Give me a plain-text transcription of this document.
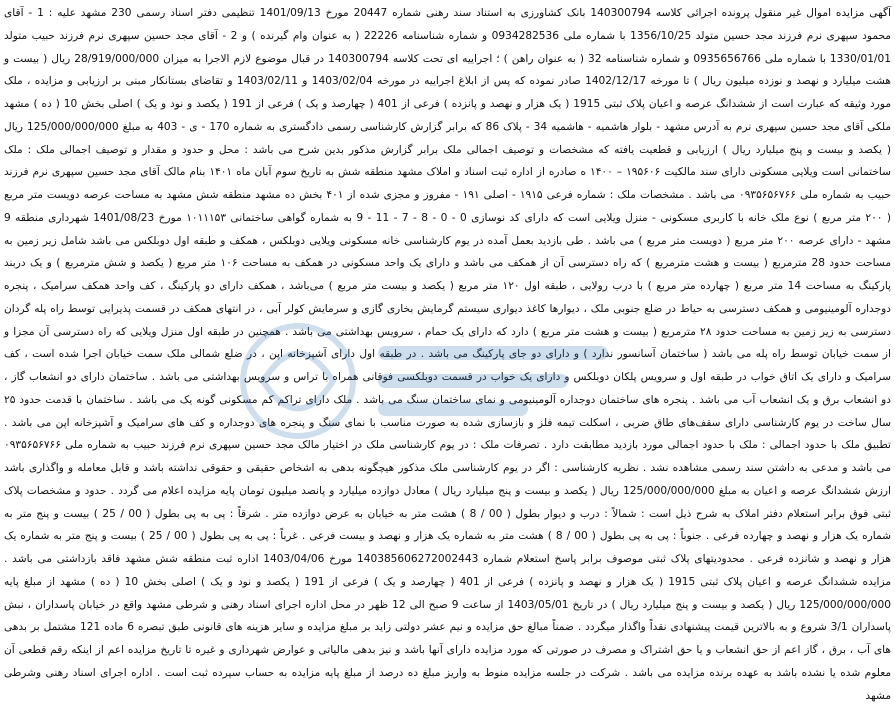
آگهی مزایده اموال غیر منقول پرونده اجرائی کلاسه 140300794 بانک کشاورزی به استناد سند رهنی شماره 20447 مورخ 1401/09/13 تنظیمی دفتر اسناد رسمی 230 مشهد علیه : 1 - آقای محمود سپهری نرم فرزند مجد حسین متولد 1356/10/25 با شماره ملی 0934282536 و شماره شناسنامه 22226 ( به عنوان وام گیرنده ) و 2 - آقای مجد حسین سپهری نرم فرزند حبیب متولد 1330/01/01 با شماره ملی 0935656766 و شماره شناسنامه 32 ( به عنوان راهن ) ؛ اجراییه ای تحت کلاسه 140300794 در قبال موضوع لازم الاجرا به میزان 28/919/000/000 ریال ( بیست و هشت میلیارد و نهصد و نوزده میلیون ریال ) تا مورخه 1402/12/17 صادر نموده که پس از ابلاغ اجراییه در مورخه 1403/02/04 و 1403/02/11 و تقاضای بستانکار مبنی بر ارزیابی و مزایده ، ملک مورد وثیقه که عبارت است از ششدانگ عرصه و اعیان پلاک ثبتی 1915 ( یک هزار و نهصد و پانزده ) فرعی از 401 ( چهارصد و یک ) فرعی از 191 ( یکصد و نود و یک ) اصلی بخش 10 ( ده ) مشهد ملکی آقای مجد حسین سپهری نرم به آدرس مشهد - بلوار هاشمیه - هاشمیه 34 - پلاک 86 که برابر گزارش کارشناسی رسمی دادگستری به شماره 170 - ی - 403 به مبلغ 125/000/000/000 ریال ( یکصد و بیست و پنج میلیارد ریال ) ارزیابی و قطعیت یافته که مشخصات و توصیف اجمالی ملک برابر گزارش مذکور بدین شرح می باشد : محل و حدود و مقدار و توصیف اجمالی ملک : ملک ساختمانی است ویلایی مسکونی دارای سند مالکیت ۱۹۵۶۰۶ – ۱۴۰۰ ه صادره از اداره ثبت اسناد و املاک مشهد منطقه شش به تاریخ سوم آبان ماه ۱۴۰۱ بنام مالک آقای مجد حسین سپهری نرم فرزند حبیب به شماره ملی ۰۹۳۵۶۵۶۷۶۶ می باشد . مشخصات ملک : شماره فرعی ۱۹۱۵ - اصلی ۱۹۱ - مفروز و مجزی شده از ۴۰۱ بخش ده مشهد منطقه شش مشهد به مساحت عرصه دویست متر مربع ( ۲۰۰ متر مربع ) نوع ملک خانه با کاربری مسکونی - منزل ویلایی است که دارای کد نوسازی 0 - 0 - 8 - 7 - 11 - 9 به شماره گواهی ساختمانی ۱۰۱۱۱۵۳ مورخ 1401/08/23 شهرداری منطقه 9 مشهد - دارای عرصه ۲۰۰ متر مربع ( دویست متر مربع ) می باشد . طی بازدید بعمل آمده در یوم کارشناسی خانه مسکونی ویلایی دوبلکس ، همکف و طبقه اول دوبلکس می باشد شامل زیر زمین به مساحت حدود 28 مترمربع ( بیست و هشت مترمربع ) که راه دسترسی آن از همکف می باشد و دارای یک واحد مسکونی در همکف به مساحت ۱۰۶ متر مربع ( یکصد و شش مترمربع ) و یک دربند پارکینگ به مساحت 14 متر مربع ( چهارده متر مربع ) با درب رولایی ، طبقه اول ۱۲۰ متر مربع ( یکصد و بیست متر مربع ) می‌باشد ، همکف دارای دو پارکینگ ، کف واحد همکف سرامیک ، پنجره دوجداره آلومینیومی و همکف دسترسی به حیاط در ضلع جنوبی ملک ، دیوارها کاغذ دیواری سیستم گرمایش بخاری گازی و سرمایش کولر آبی ، در انتهای همکف در قسمت پذیرایی توسط راه پله گردان دسترسی به زیر زمین به مساحت حدود ۲۸ مترمربع ( بیست و هشت متر مربع ) دارد که دارای یک حمام ، سرویس بهداشتی می باشد . همچنین در طبقه اول منزل ویلایی که راه دسترسی آن مجزا و از سمت خیابان توسط راه پله می باشد ( ساختمان آسانسور ندارد ) و دارای دو جای پارکینگ می باشد . در طبقه اول دارای آشپزخانه اپن ، در ضلع شمالی ملک سمت خیابان اجرا شده است ، کف سرامیک و دارای یک اتاق خواب در طبقه اول و سرویس پلکان دوبلکس و دارای یک خواب در قسمت دوبلکسی فوقانی همراه با تراس و سرویس بهداشتی می باشد . ساختمان دارای دو انشعاب گاز ، دو انشعاب برق و یک انشعاب آب می باشد . پنجره های ساختمان دوجداره آلومینیومی و نمای ساختمان سنگ می باشد . ملک دارای تراکم کم مسکونی گونه یک می باشد . ساختمان با قدمت حدود ۲۵ سال ساخت در یوم کارشناسی دارای سقف‌های طاق ضربی ، اسکلت تیمه فلز و بازسازی شده به صورت مناسب با نمای سنگ و پنجره های دوجداره و کف های سرامیک و آشپزخانه اپن می باشد . تطبیق ملک با حدود اجمالی : ملک با حدود اجمالی مورد بازدید مطابقت دارد . تصرفات ملک : در یوم کارشناسی ملک در اختیار مالک مجد حسین سپهری نرم فرزند حبیب به شماره ملی ۰۹۳۵۶۵۶۷۶۶ می باشد و مدعی به داشتن سند رسمی مشاهده نشد . نظریه کارشناسی : اگر در یوم کارشناسی ملک مذکور هیچگونه بدهی به اشخاص حقیقی و حقوقی نداشته باشد و قابل معامله و واگذاری باشد ارزش ششدانگ عرصه و اعیان به مبلغ 125/000/000/000 ریال ( یکصد و بیست و پنج میلیارد ریال ) معادل دوازده میلیارد و پانصد میلیون تومان پایه مزایده اعلام می گردد . حدود و مشخصات پلاک ثبتی فوق برابر استعلام دفتر املاک به شرح ذیل است : شمالاً : درب و دیوار بطول ( 00 / 8 ) هشت متر به خیابان به عرض دوازده متر . شرقاً : پی به پی بطول ( 00 / 25 ) بیست و پنج متر به شماره یک هزار و نهصد و چهارده فرعی . جنوباً : پی به پی بطول ( 00 / 8 ) هشت متر به شماره یک هزار و نهصد و بیست فرعی . غرباً : پی به پی بطول ( 00 / 25 ) بیست و پنج متر به شماره یک هزار و نهصد و شانزده فرعی . محدودیتهای پلاک ثبتی موصوف برابر پاسخ استعلام شماره 140385606272002443 مورخ 1403/04/06 اداره ثبت منطقه شش مشهد فاقد بازداشتی می باشد . مزایده ششدانگ عرصه و اعیان پلاک ثبتی 1915 ( یک هزار و نهصد و پانزده ) فرعی از 401 ( چهارصد و یک ) فرعی از 191 ( یکصد و نود و یک ) اصلی بخش 10 ( ده ) مشهد از مبلغ پایه 125/000/000/000 ریال ( یکصد و بیست و پنج میلیارد ریال ) در تاریخ 1403/05/01 از ساعت 9 صبح الی 12 ظهر در محل اداره اجرای اسناد رهنی و شرطی مشهد واقع در خیابان پاسداران ، نبش پاسداران 3/1 شروع و به بالاترین قیمت پیشنهادی نقداً واگذار میگردد . ضمناً مبالغ حق مزایده و نیم عشر دولتی زاید بر مبلغ مزایده و سایر هزینه های قانونی طبق تبصره 6 ماده 121 مشتمل بر بدهی های آب ، برق ، گاز اعم از حق انشعاب و یا حق اشتراک و مصرف در صورتی که مورد مزایده دارای آنها باشد و نیز بدهی مالیاتی و عوارض شهرداری و غیره تا تاریخ مزایده اعم از اینکه رقم قطعی آن معلوم شده یا نشده باشد به عهده برنده مزایده می باشد . شرکت در جلسه مزایده منوط به واریز مبلغ ده درصد از مبلغ پایه مزایده به حساب سپرده ثبت است . اداره اجرای اسناد رهنی وشرطی مشهد
